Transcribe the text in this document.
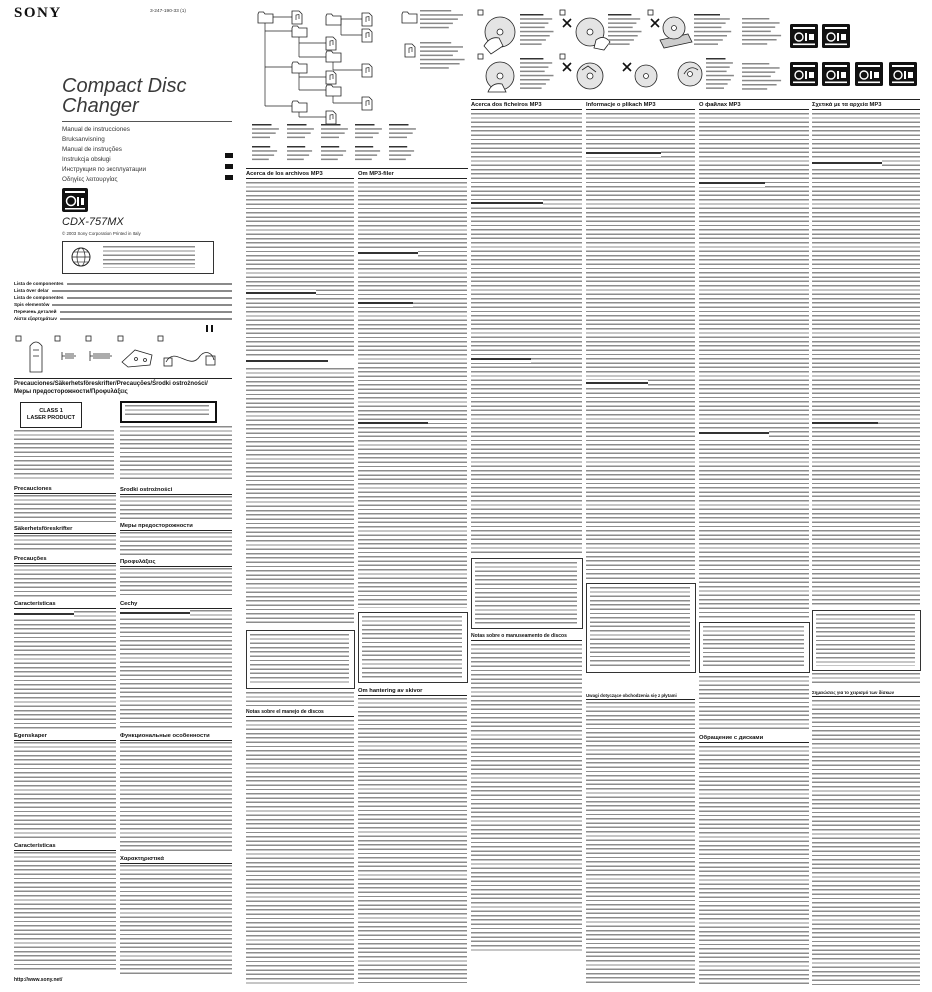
SONY	3-247-190-33 (1)
Compact Disc
Changer
Manual de instrucciones
Bruksanvisning
Manual de instruções
Instrukcja obsługi
Инструкция по эксплуатации
Οδηγίες λειτουργίας
CDX-757MX
© 2003 Sony Corporation Printed in Italy
Lista de componentes
Lista över delar
Lista de componentes
Spis elementów
Перечень деталей
Λίστα εξαρτημάτων
Precauciones/Säkerhetsföreskrifter/Precauções/Środki ostrożności/
Меры предосторожности/Προφυλάξεις
CLASS 1
LASER PRODUCT
Precauciones
Säkerhetsföreskrifter
Precauções
Środki ostrożności
Меры предосторожности
Προφυλάξεις
Características
Egenskaper
Características
Cechy
Функциональные особенности
Χαρακτηριστικά
http://www.sony.net/
Acerca de los archivos MP3	Om MP3-filer
Acerca dos ficheiros MP3	Informacje o plikach MP3	О файлах MP3	Σχετικά με τα αρχεία MP3
Notas sobre el manejo de discos
Om hantering av skivor
Notas sobre o manuseamento de discos
Uwagi dotyczące obchodzenia się z płytami
Обращение с дисками
Σημειώσεις για το χειρισμό των δίσκων
